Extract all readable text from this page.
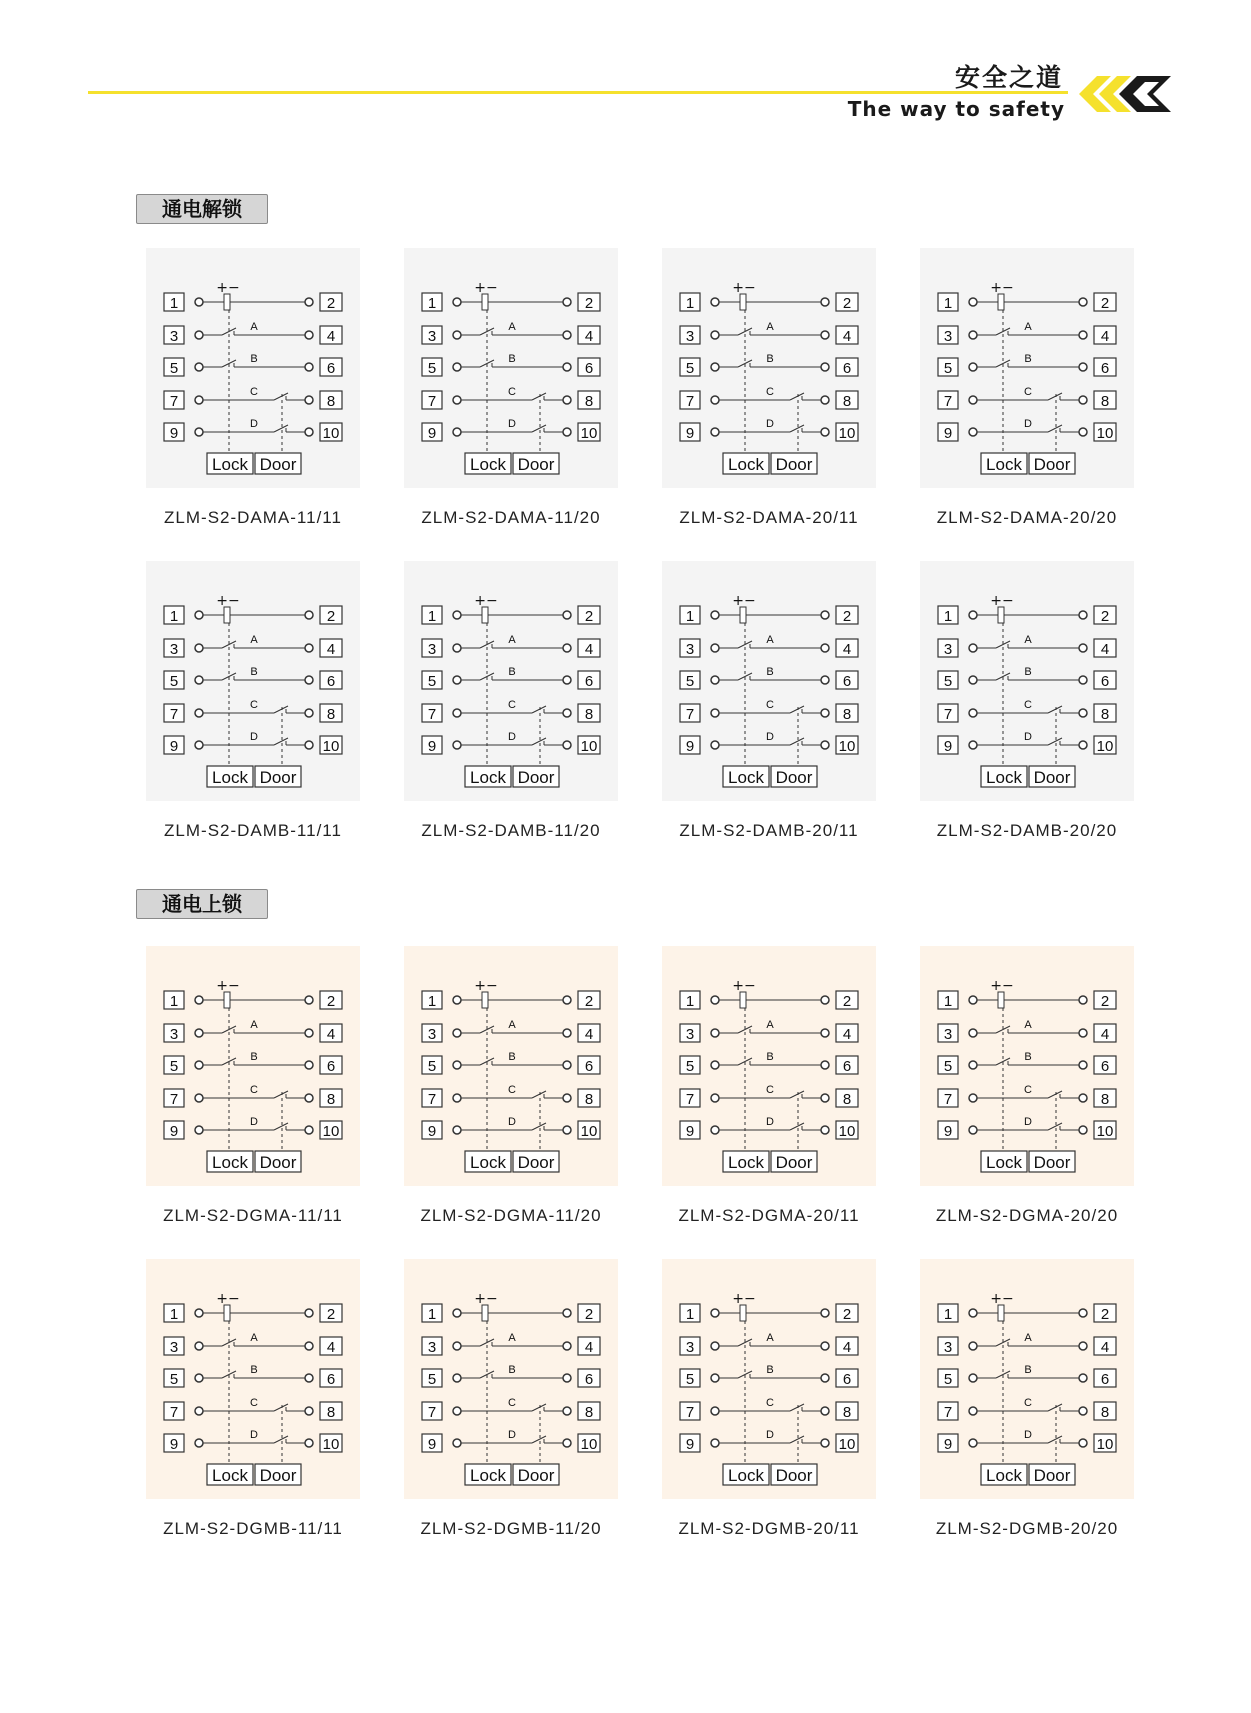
安全之道
The way to safety
通电解锁
1	2
3	4
5	6
7	8
9	10
+−
A
B
C
D
Lock Door
ZLM-S2-DAMA-11/11
1	2
3	4
5	6
7	8
9	10
+−
A
B
C
D
Lock Door
ZLM-S2-DAMA-11/20
1	2
3	4
5	6
7	8
9	10
+−
A
B
C
D
Lock Door
ZLM-S2-DAMA-20/11
1	2
3	4
5	6
7	8
9	10
+−
A
B
C
D
Lock Door
ZLM-S2-DAMA-20/20
1	2
3	4
5	6
7	8
9	10
+−
A
B
C
D
Lock Door
ZLM-S2-DAMB-11/11
1	2
3	4
5	6
7	8
9	10
+−
A
B
C
D
Lock Door
ZLM-S2-DAMB-11/20
1	2
3	4
5	6
7	8
9	10
+−
A
B
C
D
Lock Door
ZLM-S2-DAMB-20/11
1	2
3	4
5	6
7	8
9	10
+−
A
B
C
D
Lock Door
ZLM-S2-DAMB-20/20
通电上锁
1	2
3	4
5	6
7	8
9	10
+−
A
B
C
D
Lock Door
ZLM-S2-DGMA-11/11
1	2
3	4
5	6
7	8
9	10
+−
A
B
C
D
Lock Door
ZLM-S2-DGMA-11/20
1	2
3	4
5	6
7	8
9	10
+−
A
B
C
D
Lock Door
ZLM-S2-DGMA-20/11
1	2
3	4
5	6
7	8
9	10
+−
A
B
C
D
Lock Door
ZLM-S2-DGMA-20/20
1	2
3	4
5	6
7	8
9	10
+−
A
B
C
D
Lock Door
ZLM-S2-DGMB-11/11
1	2
3	4
5	6
7	8
9	10
+−
A
B
C
D
Lock Door
ZLM-S2-DGMB-11/20
1	2
3	4
5	6
7	8
9	10
+−
A
B
C
D
Lock Door
ZLM-S2-DGMB-20/11
1	2
3	4
5	6
7	8
9	10
+−
A
B
C
D
Lock Door
ZLM-S2-DGMB-20/20
